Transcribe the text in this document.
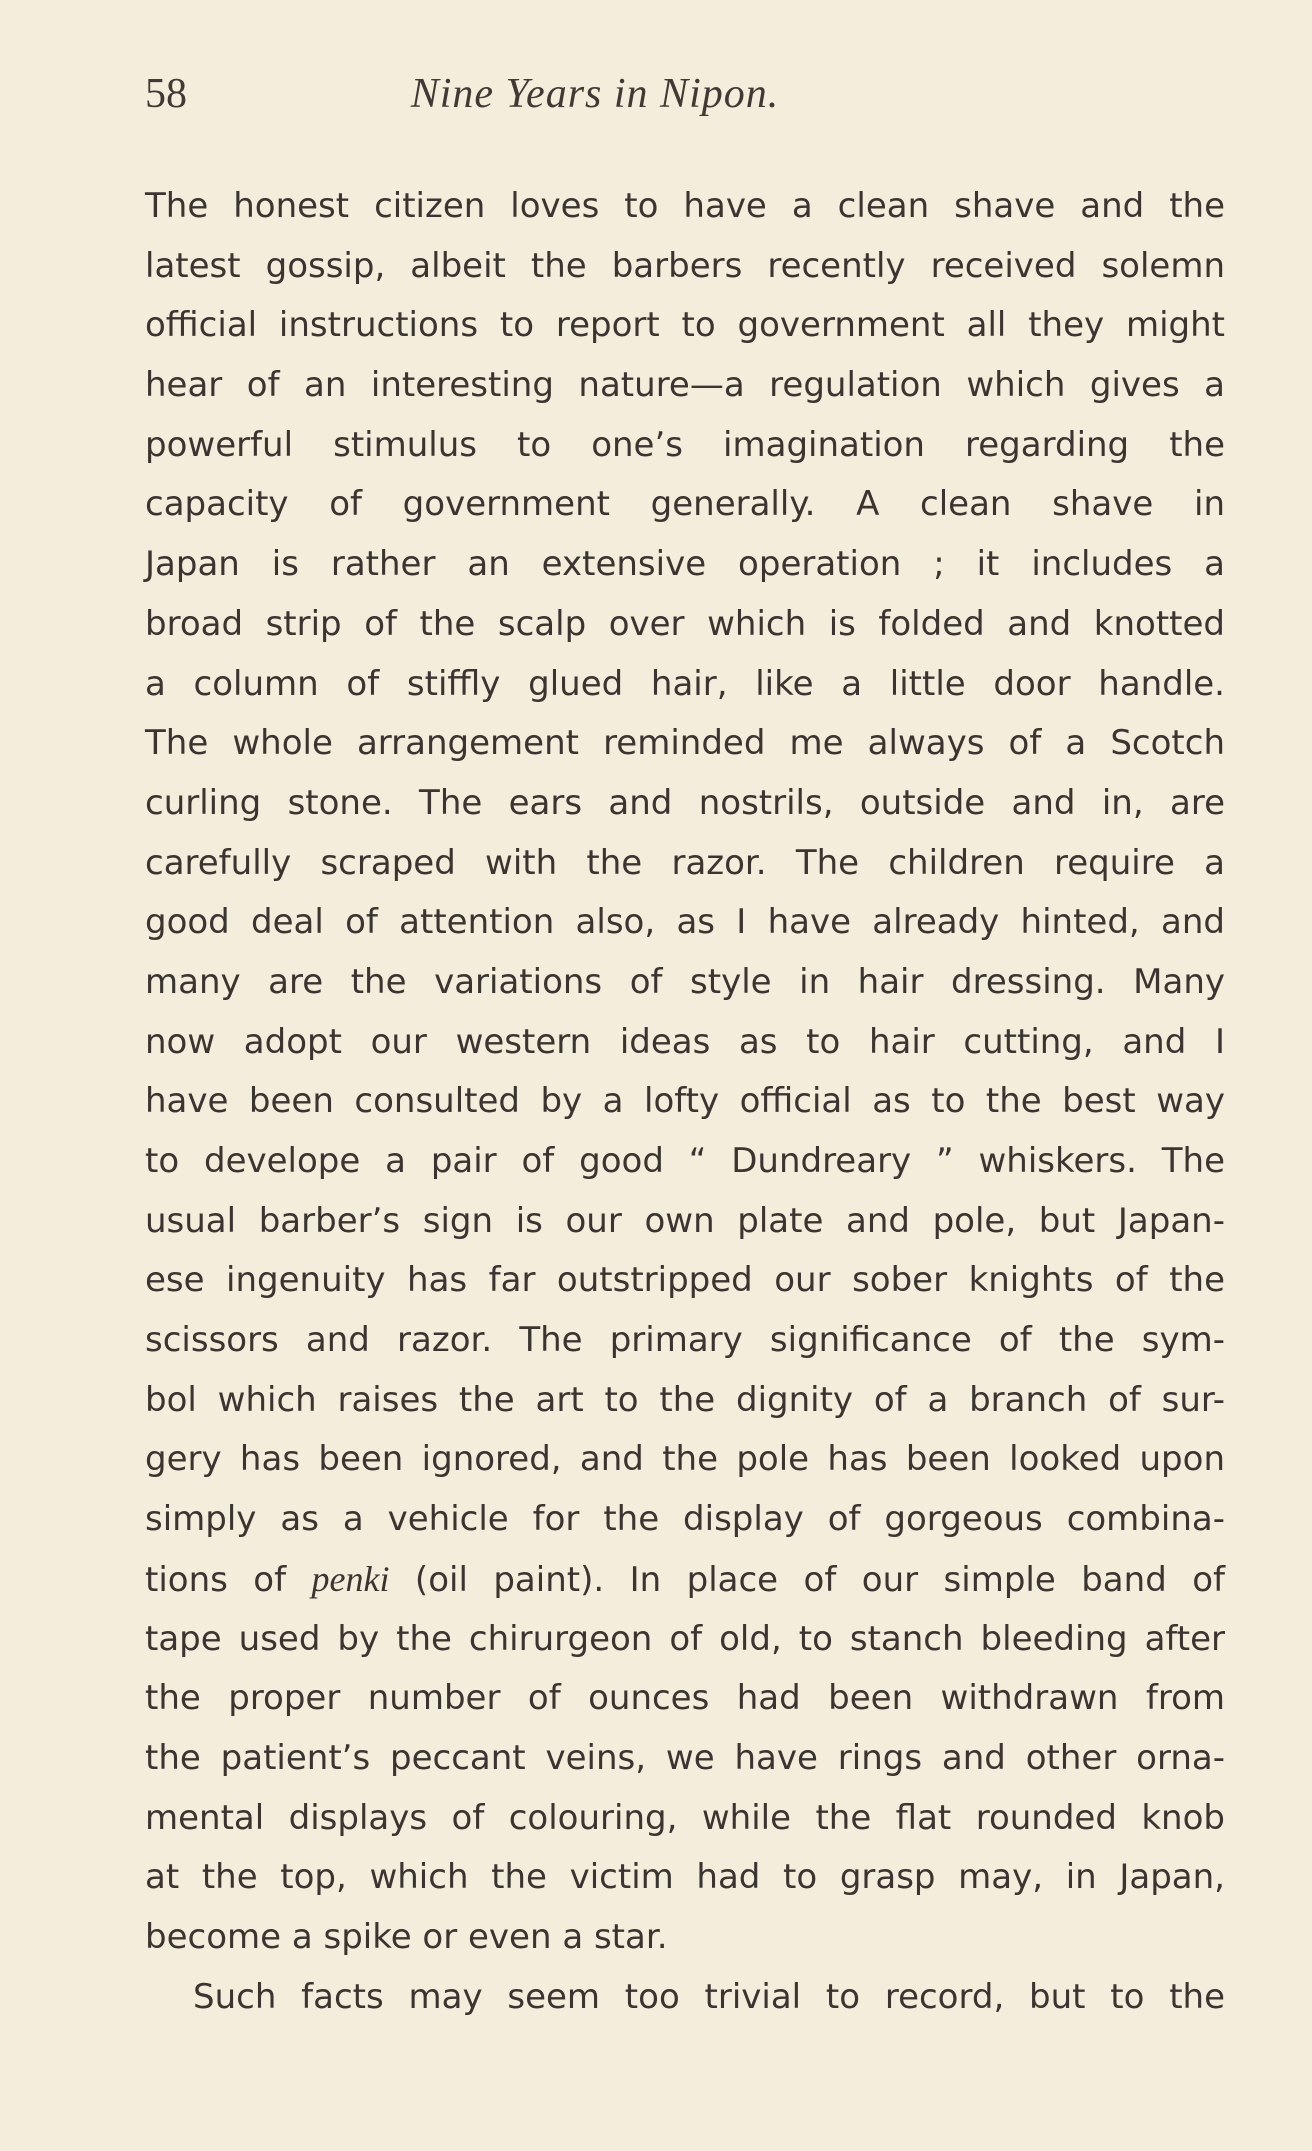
58	Nine Years in Nipon.
The honest citizen loves to have a clean shave and the
latest gossip, albeit the barbers recently received solemn
official instructions to report to government all they might
hear of an interesting nature—a regulation which gives a
powerful stimulus to one’s imagination regarding the
capacity of government generally. A clean shave in
Japan is rather an extensive operation ; it includes a
broad strip of the scalp over which is folded and knotted
a column of stiffly glued hair, like a little door handle.
The whole arrangement reminded me always of a Scotch
curling stone. The ears and nostrils, outside and in, are
carefully scraped with the razor. The children require a
good deal of attention also, as I have already hinted, and
many are the variations of style in hair dressing. Many
now adopt our western ideas as to hair cutting, and I
have been consulted by a lofty official as to the best way
to develope a pair of good “ Dundreary ” whiskers. The
usual barber’s sign is our own plate and pole, but Japan-
ese ingenuity has far outstripped our sober knights of the
scissors and razor. The primary significance of the sym-
bol which raises the art to the dignity of a branch of sur-
gery has been ignored, and the pole has been looked upon
simply as a vehicle for the display of gorgeous combina-
tions of penki (oil paint). In place of our simple band of
tape used by the chirurgeon of old, to stanch bleeding after
the proper number of ounces had been withdrawn from
the patient’s peccant veins, we have rings and other orna-
mental displays of colouring, while the flat rounded knob
at the top, which the victim had to grasp may, in Japan,
become a spike or even a star.
Such facts may seem too trivial to record, but to the
